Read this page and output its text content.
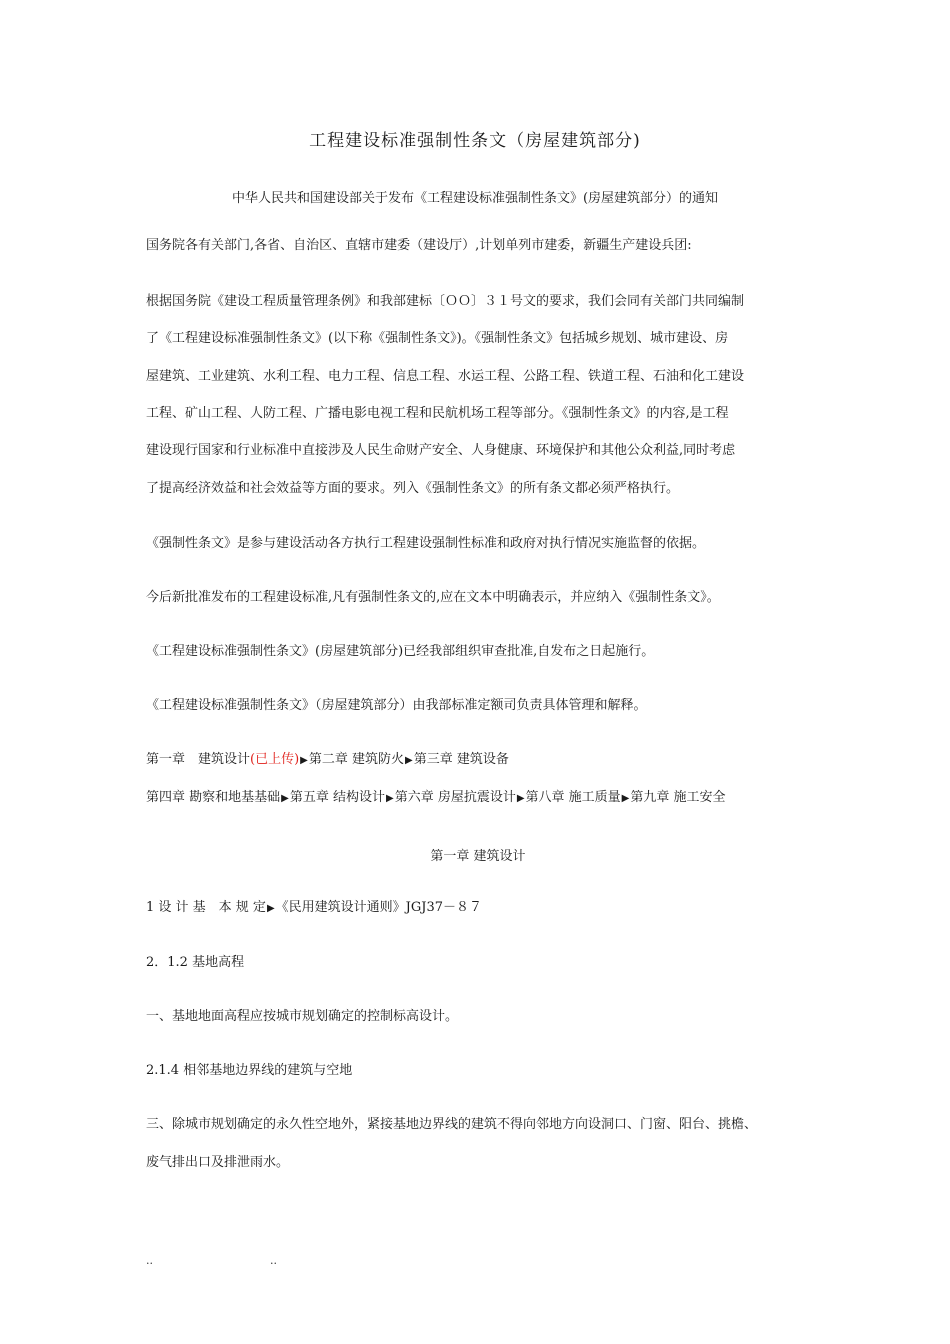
工程建设标准强制性条文（房屋建筑部分)
中华人民共和国建设部关于发布《工程建设标准强制性条文》(房屋建筑部分）的通知
国务院各有关部门,各省、自治区、直辖市建委（建设厅）,计划单列市建委，新疆生产建设兵团:
根据国务院《建设工程质量管理条例》和我部建标〔ＯＯ〕３１号文的要求，我们会同有关部门共同编制
了《工程建设标准强制性条文》(以下称《强制性条文》)。《强制性条文》包括城乡规划、城市建设、房
屋建筑、工业建筑、水利工程、电力工程、信息工程、水运工程、公路工程、铁道工程、石油和化工建设
工程、矿山工程、人防工程、广播电影电视工程和民航机场工程等部分。《强制性条文》的内容,是工程
建设现行国家和行业标准中直接涉及人民生命财产安全、人身健康、环境保护和其他公众利益,同时考虑
了提高经济效益和社会效益等方面的要求。列入《强制性条文》的所有条文都必须严格执行。
《强制性条文》是参与建设活动各方执行工程建设强制性标准和政府对执行情况实施监督的依据。
今后新批准发布的工程建设标准,凡有强制性条文的,应在文本中明确表示，并应纳入《强制性条文》。
《工程建设标准强制性条文》(房屋建筑部分)已经我部组织审查批准,自发布之日起施行。
《工程建设标准强制性条文》（房屋建筑部分）由我部标准定额司负责具体管理和解释。
第一章　建筑设计(已上传)▶第二章 建筑防火▶第三章 建筑设备
第四章 勘察和地基基础▶第五章 结构设计▶第六章 房屋抗震设计▶第八章 施工质量▶第九章 施工安全
第一章 建筑设计
1 设 计 基　本 规 定▶《民用建筑设计通则》JGJ37－８７
2．1.2 基地高程
一、基地地面高程应按城市规划确定的控制标高设计。
2.1.4 相邻基地边界线的建筑与空地
三、除城市规划确定的永久性空地外，紧接基地边界线的建筑不得向邻地方向设洞口、门窗、阳台、挑檐、
废气排出口及排泄雨水。
..	..
